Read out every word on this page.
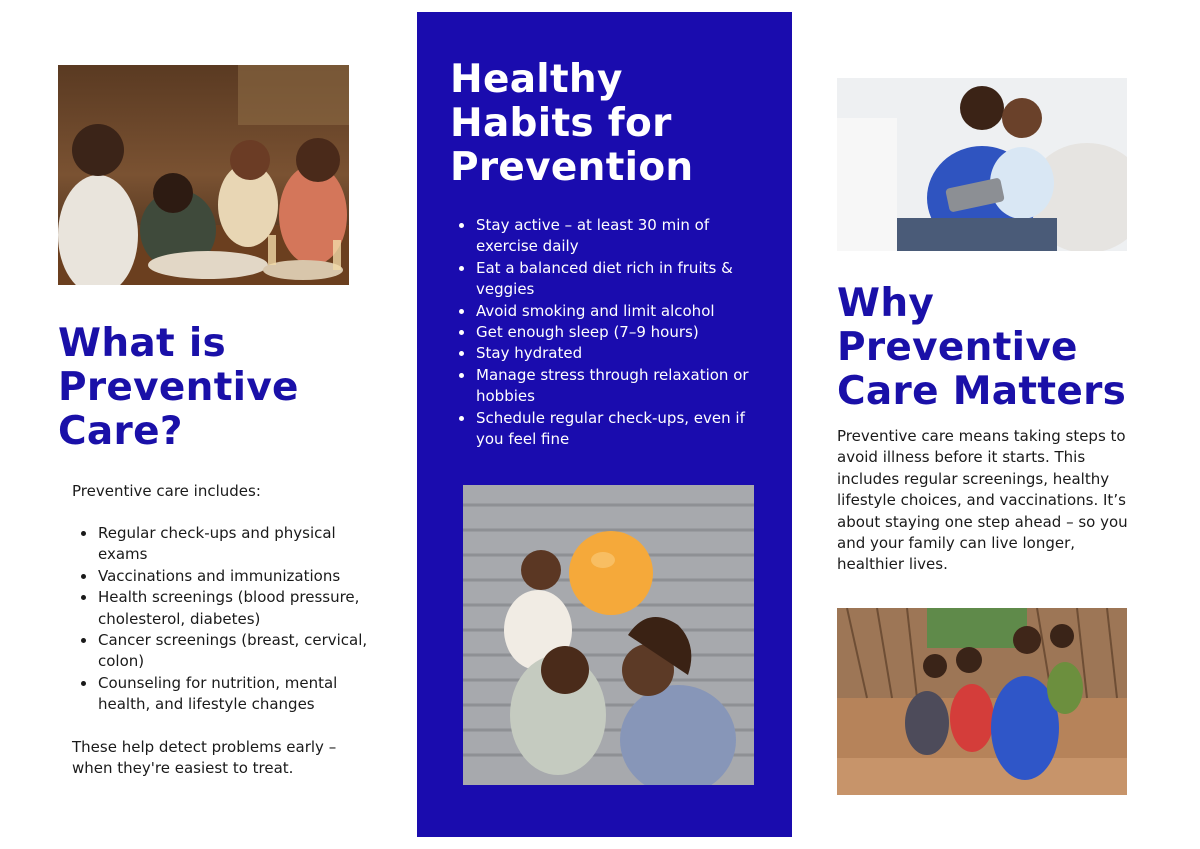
What is Preventive Care?

Preventive care includes:

Regular check-ups and physical exams
Vaccinations and immunizations
Health screenings (blood pressure, cholesterol, diabetes)
Cancer screenings (breast, cervical, colon)
Counseling for nutrition, mental health, and lifestyle changes

These help detect problems early – when they're easiest to treat.

Healthy Habits for Prevention
Stay active – at least 30 min of exercise daily
Eat a balanced diet rich in fruits & veggies
Avoid smoking and limit alcohol
Get enough sleep (7–9 hours)
Stay hydrated
Manage stress through relaxation or hobbies
Schedule regular check-ups, even if you feel fine
Why Preventive Care Matters

Preventive care means taking steps to avoid illness before it starts. This includes regular screenings, healthy lifestyle choices, and vaccinations. It’s about staying one step ahead – so you and your family can live longer, healthier lives.
